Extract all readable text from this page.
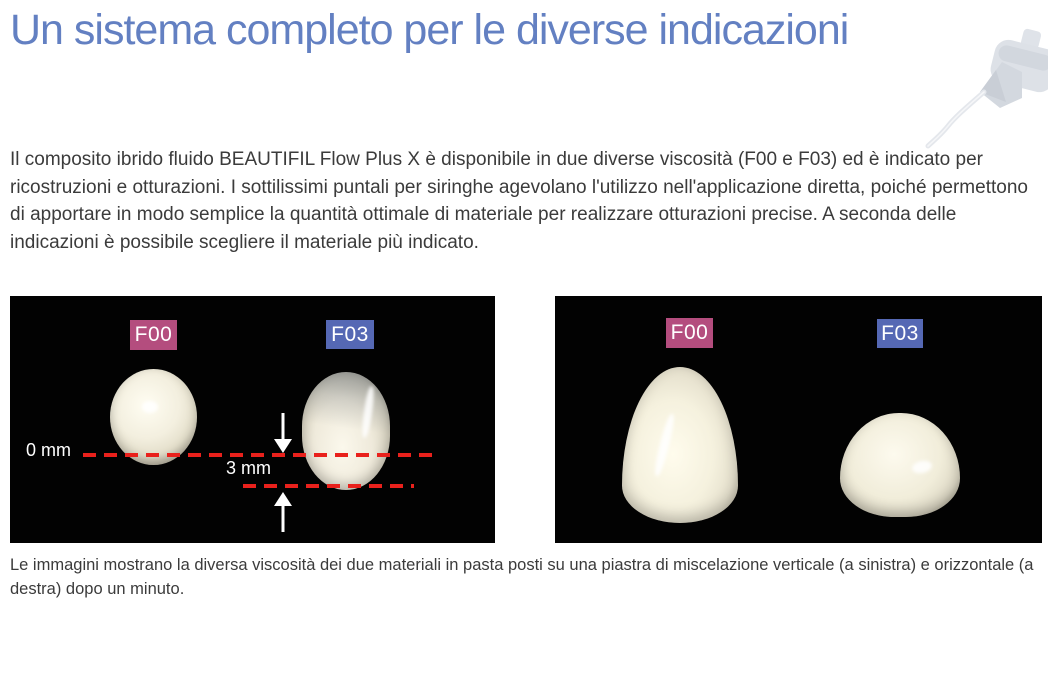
Un sistema completo per le diverse indicazioni

Il composito ibrido fluido BEAUTIFIL Flow Plus X è disponibile in due diverse viscosità (F00 e F03) ed è indicato per ricostruzioni e otturazioni. I sottilissimi puntali per siringhe agevolano l'utilizzo nell'applicazione diretta, poiché permettono di apportare in modo semplice la quantità ottimale di materiale per realizzare otturazioni precise. A seconda delle indicazioni è possibile scegliere il materiale più indicato.

F00	F03
0 mm
3 mm
F00	F03

Le immagini mostrano la diversa viscosità dei due materiali in pasta posti su una piastra di miscelazione verticale (a sinistra) e orizzontale (a destra) dopo un minuto.
